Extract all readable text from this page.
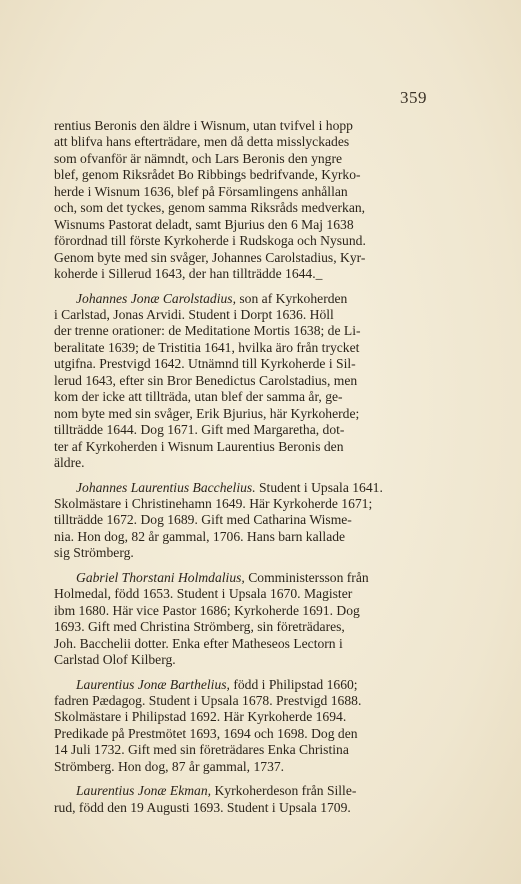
359
rentius Beronis den äldre i Wisnum, utan tvifvel i hopp
att blifva hans efterträdare, men då detta misslyckades
som ofvanför är nämndt, och Lars Beronis den yngre
blef, genom Riksrådet Bo Ribbings bedrifvande, Kyrko-
herde i Wisnum 1636, blef på Församlingens anhållan
och, som det tyckes, genom samma Riksråds medverkan,
Wisnums Pastorat deladt, samt Bjurius den 6 Maj 1638
förordnad till förste Kyrkoherde i Rudskoga och Nysund.
Genom byte med sin svåger, Johannes Carolstadius, Kyr-
koherde i Sillerud 1643, der han tillträdde 1644._
Johannes Jonæ Carolstadius, son af Kyrkoherden
i Carlstad, Jonas Arvidi. Student i Dorpt 1636. Höll
der trenne orationer: de Meditatione Mortis 1638; de Li-
beralitate 1639; de Tristitia 1641, hvilka äro från trycket
utgifna. Prestvigd 1642. Utnämnd till Kyrkoherde i Sil-
lerud 1643, efter sin Bror Benedictus Carolstadius, men
kom der icke att tillträda, utan blef der samma år, ge-
nom byte med sin svåger, Erik Bjurius, här Kyrkoherde;
tillträdde 1644. Dog 1671. Gift med Margaretha, dot-
ter af Kyrkoherden i Wisnum Laurentius Beronis den
äldre.
Johannes Laurentius Bacchelius. Student i Upsala 1641.
Skolmästare i Christinehamn 1649. Här Kyrkoherde 1671;
tillträdde 1672. Dog 1689. Gift med Catharina Wisme-
nia. Hon dog, 82 år gammal, 1706. Hans barn kallade
sig Strömberg.
Gabriel Thorstani Holmdalius, Comministersson från
Holmedal, född 1653. Student i Upsala 1670. Magister
ibm 1680. Här vice Pastor 1686; Kyrkoherde 1691. Dog
1693. Gift med Christina Strömberg, sin företrädares,
Joh. Bacchelii dotter. Enka efter Matheseos Lectorn i
Carlstad Olof Kilberg.
Laurentius Jonæ Barthelius, född i Philipstad 1660;
fadren Pædagog. Student i Upsala 1678. Prestvigd 1688.
Skolmästare i Philipstad 1692. Här Kyrkoherde 1694.
Predikade på Prestmötet 1693, 1694 och 1698. Dog den
14 Juli 1732. Gift med sin företrädares Enka Christina
Strömberg. Hon dog, 87 år gammal, 1737.
Laurentius Jonæ Ekman, Kyrkoherdeson från Sille-
rud, född den 19 Augusti 1693. Student i Upsala 1709.
